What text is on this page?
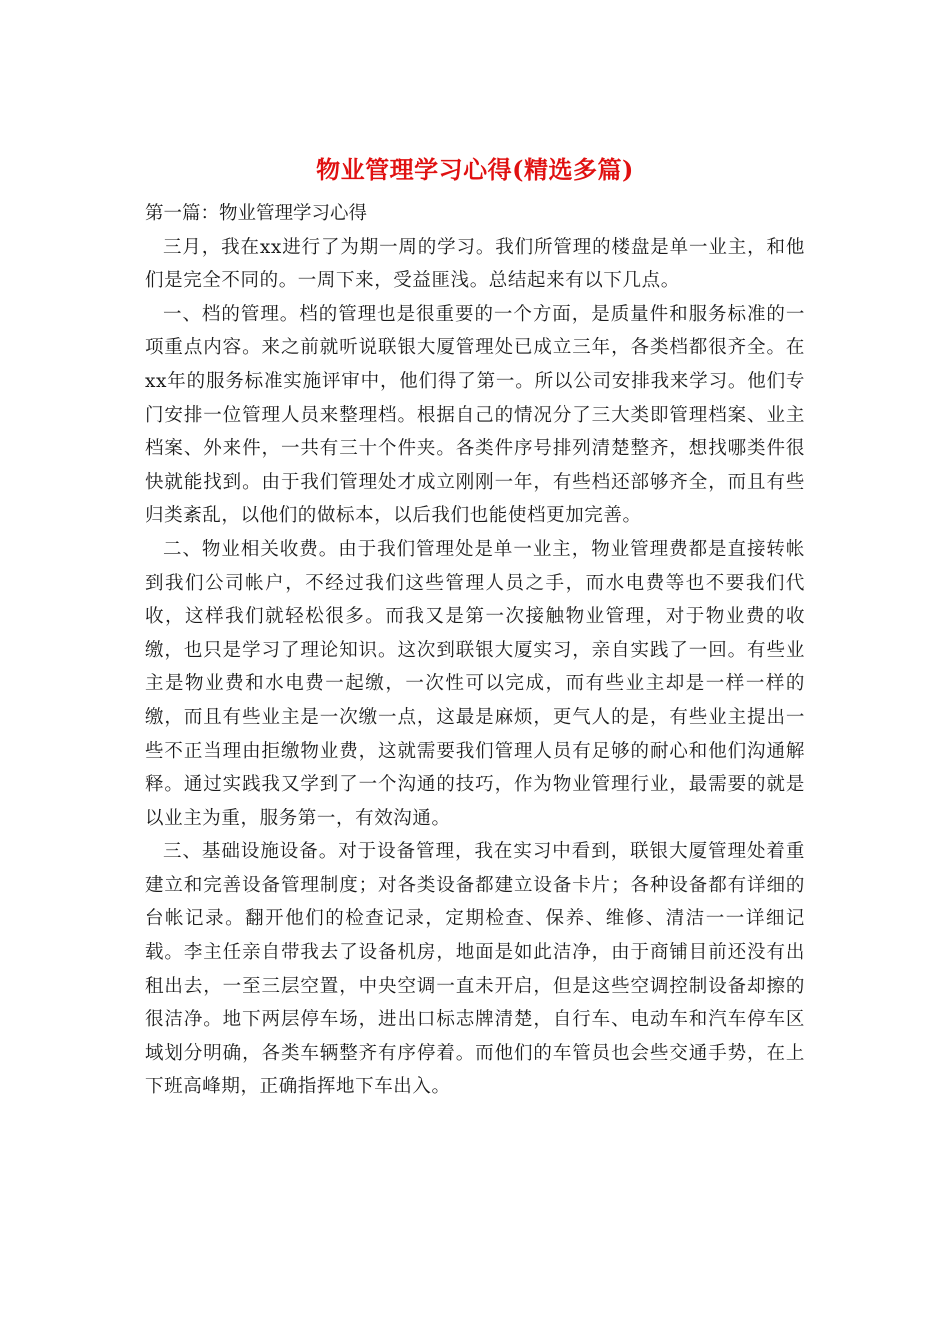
物业管理学习心得(精选多篇)
第一篇：物业管理学习心得

三月，我在xx进行了为期一周的学习。我们所管理的楼盘是单一业主，和他们是完全不同的。一周下来，受益匪浅。总结起来有以下几点。

一、档的管理。档的管理也是很重要的一个方面，是质量件和服务标准的一项重点内容。来之前就听说联银大厦管理处已成立三年，各类档都很齐全。在xx年的服务标准实施评审中，他们得了第一。所以公司安排我来学习。他们专门安排一位管理人员来整理档。根据自己的情况分了三大类即管理档案、业主档案、外来件，一共有三十个件夹。各类件序号排列清楚整齐，想找哪类件很快就能找到。由于我们管理处才成立刚刚一年，有些档还部够齐全，而且有些归类紊乱，以他们的做标本，以后我们也能使档更加完善。

二、物业相关收费。由于我们管理处是单一业主，物业管理费都是直接转帐到我们公司帐户，不经过我们这些管理人员之手，而水电费等也不要我们代收，这样我们就轻松很多。而我又是第一次接触物业管理，对于物业费的收缴，也只是学习了理论知识。这次到联银大厦实习，亲自实践了一回。有些业主是物业费和水电费一起缴，一次性可以完成，而有些业主却是一样一样的缴，而且有些业主是一次缴一点，这最是麻烦，更气人的是，有些业主提出一些不正当理由拒缴物业费，这就需要我们管理人员有足够的耐心和他们沟通解释。通过实践我又学到了一个沟通的技巧，作为物业管理行业，最需要的就是以业主为重，服务第一，有效沟通。

三、基础设施设备。对于设备管理，我在实习中看到，联银大厦管理处着重建立和完善设备管理制度；对各类设备都建立设备卡片；各种设备都有详细的台帐记录。翻开他们的检查记录，定期检查、保养、维修、清洁一一详细记载。李主任亲自带我去了设备机房，地面是如此洁净，由于商铺目前还没有出租出去，一至三层空置，中央空调一直未开启，但是这些空调控制设备却擦的很洁净。地下两层停车场，进出口标志牌清楚，自行车、电动车和汽车停车区域划分明确，各类车辆整齐有序停着。而他们的车管员也会些交通手势，在上下班高峰期，正确指挥地下车出入。
